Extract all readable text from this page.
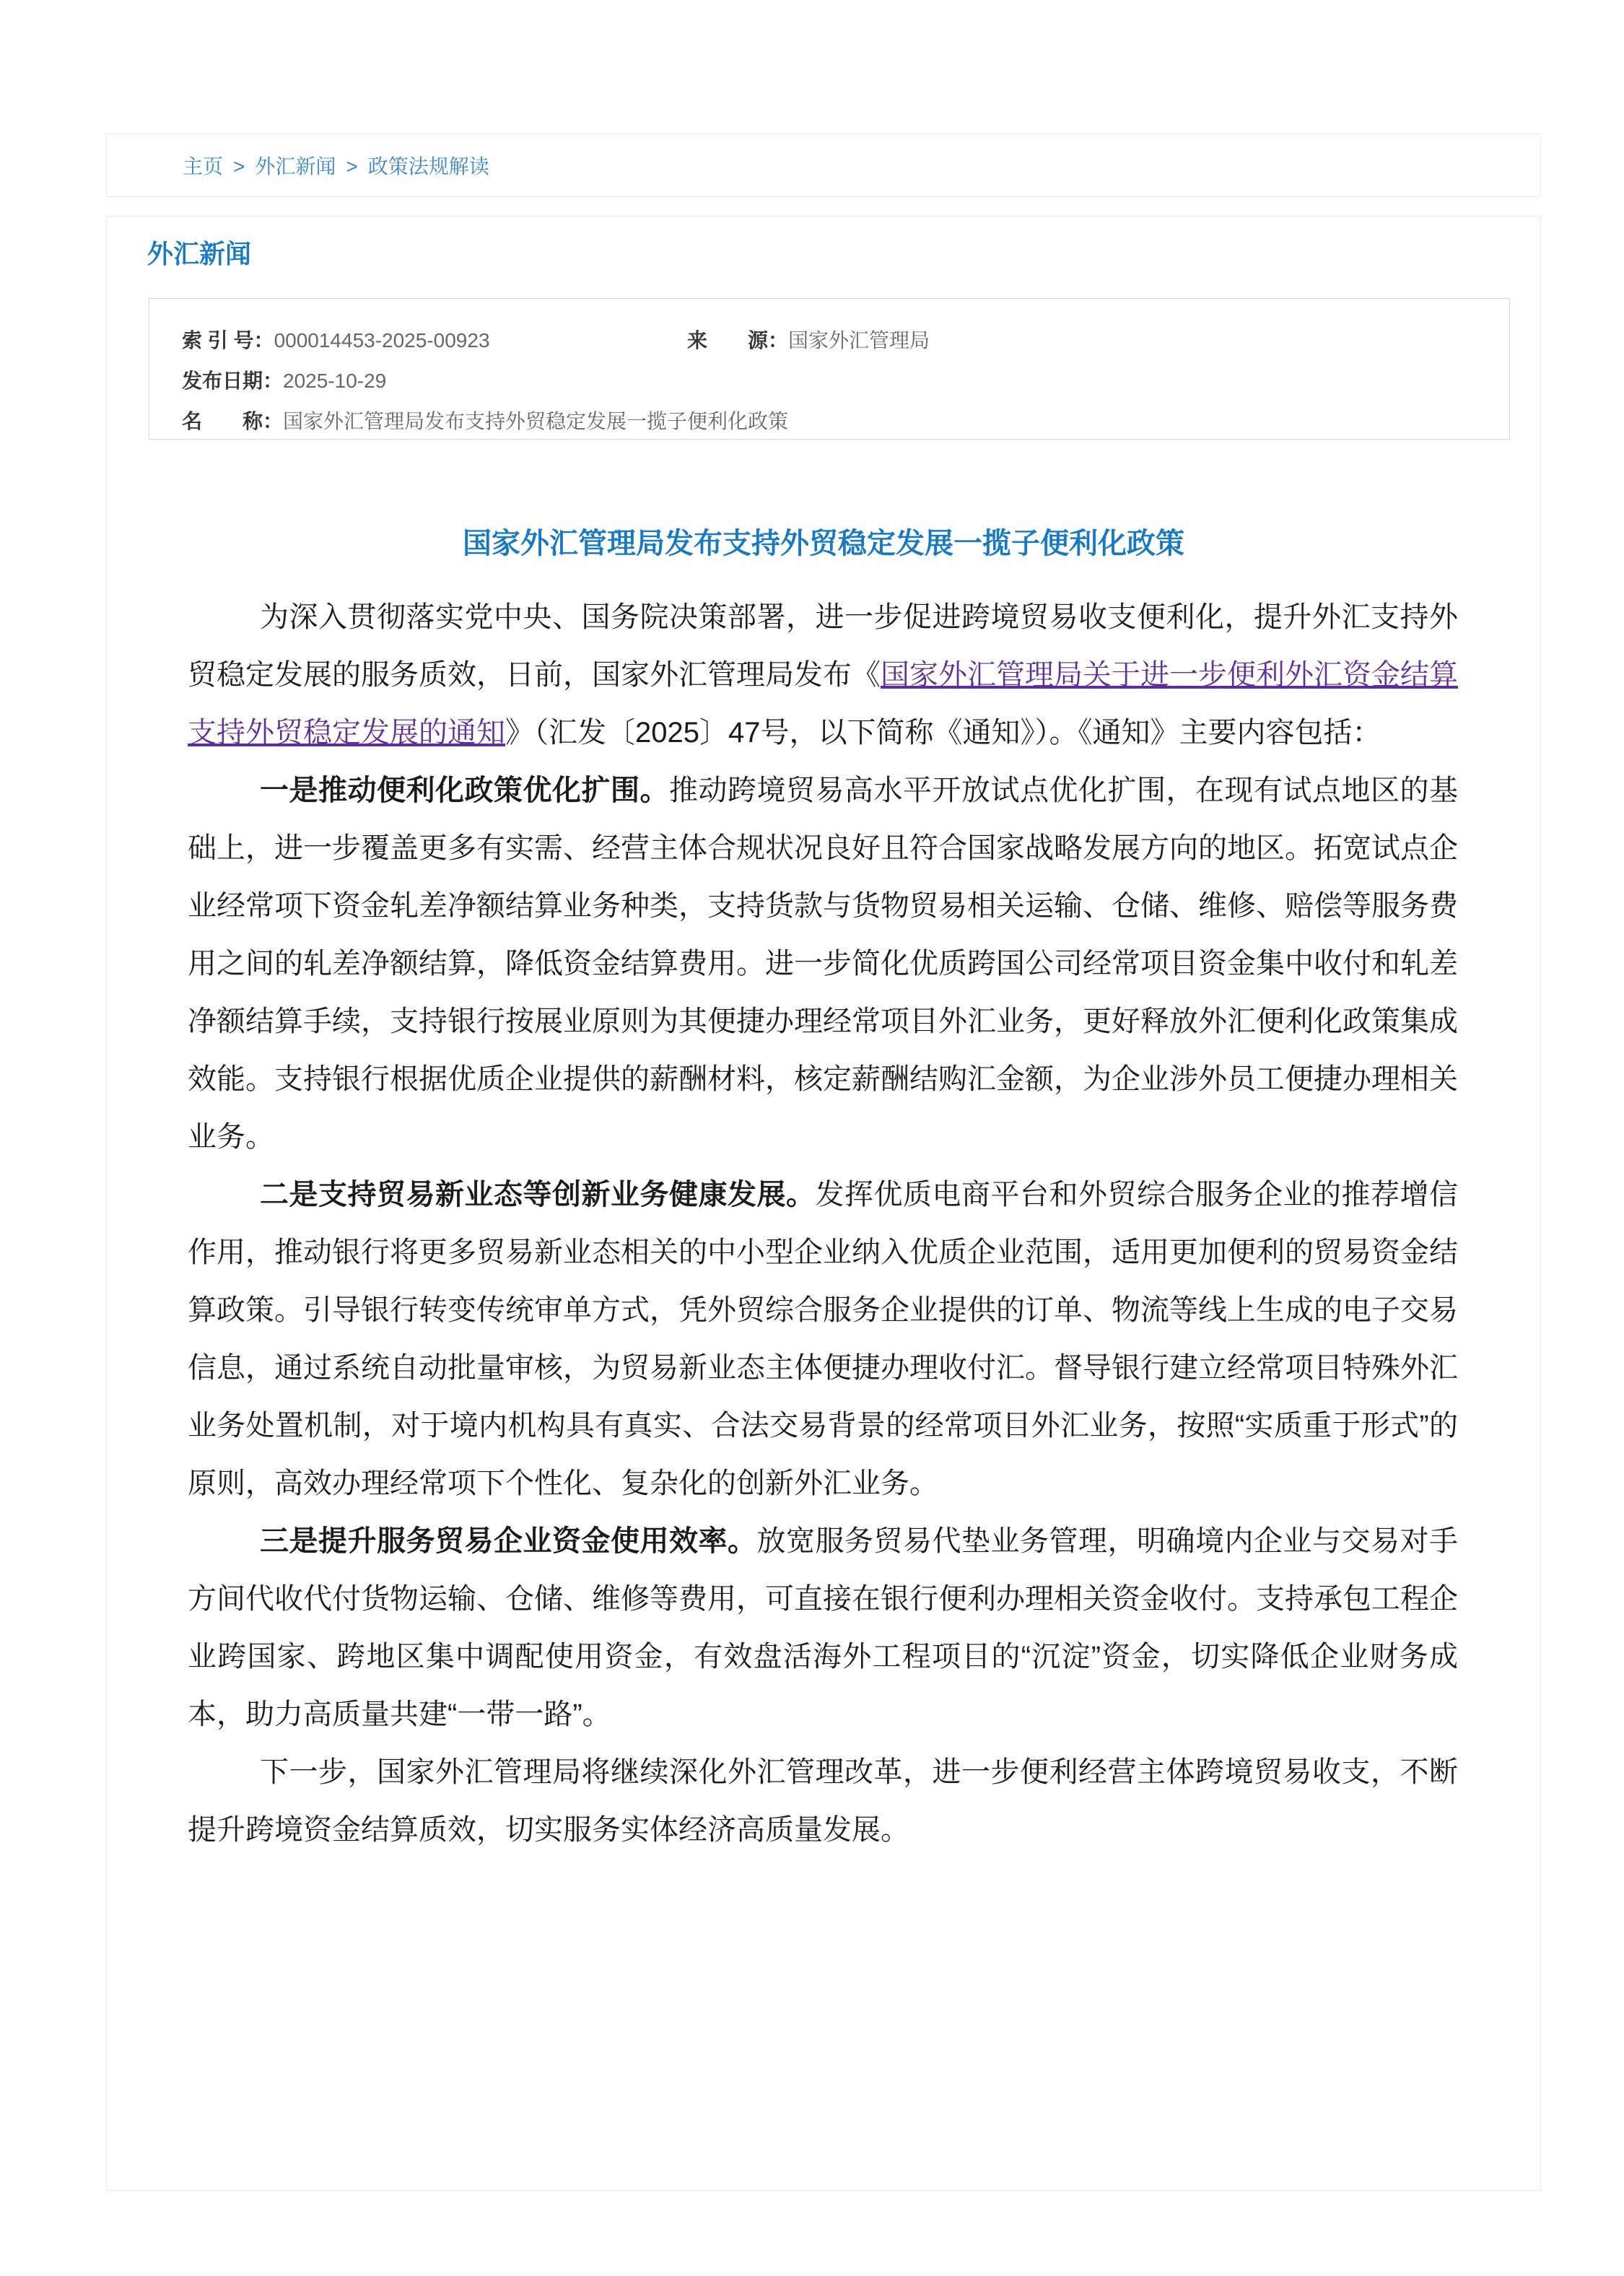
主页 > 外汇新闻 > 政策法规解读
外汇新闻
索 引 号：000014453-2025-00923	来　　源：国家外汇管理局
发布日期：2025-10-29
名　　称：国家外汇管理局发布支持外贸稳定发展一揽子便利化政策
国家外汇管理局发布支持外贸稳定发展一揽子便利化政策

为深入贯彻落实党中央、国务院决策部署，进一步促进跨境贸易收支便利化，提升外汇支持外贸稳定发展的服务质效，日前，国家外汇管理局发布《国家外汇管理局关于进一步便利外汇资金结算 支持外贸稳定发展的通知》（汇发〔2025〕47号，以下简称《通知》）。《通知》主要内容包括：

一是推动便利化政策优化扩围。推动跨境贸易高水平开放试点优化扩围，在现有试点地区的基础上，进一步覆盖更多有实需、经营主体合规状况良好且符合国家战略发展方向的地区。拓宽试点企业经常项下资金轧差净额结算业务种类，支持货款与货物贸易相关运输、仓储、维修、赔偿等服务费用之间的轧差净额结算，降低资金结算费用。进一步简化优质跨国公司经常项目资金集中收付和轧差净额结算手续，支持银行按展业原则为其便捷办理经常项目外汇业务，更好释放外汇便利化政策集成效能。支持银行根据优质企业提供的薪酬材料，核定薪酬结购汇金额，为企业涉外员工便捷办理相关业务。

二是支持贸易新业态等创新业务健康发展。发挥优质电商平台和外贸综合服务企业的推荐增信作用，推动银行将更多贸易新业态相关的中小型企业纳入优质企业范围，适用更加便利的贸易资金结算政策。引导银行转变传统审单方式，凭外贸综合服务企业提供的订单、物流等线上生成的电子交易信息，通过系统自动批量审核，为贸易新业态主体便捷办理收付汇。督导银行建立经常项目特殊外汇业务处置机制，对于境内机构具有真实、合法交易背景的经常项目外汇业务，按照“实质重于形式”的原则，高效办理经常项下个性化、复杂化的创新外汇业务。

三是提升服务贸易企业资金使用效率。放宽服务贸易代垫业务管理，明确境内企业与交易对手方间代收代付货物运输、仓储、维修等费用，可直接在银行便利办理相关资金收付。支持承包工程企业跨国家、跨地区集中调配使用资金，有效盘活海外工程项目的“沉淀”资金，切实降低企业财务成本，助力高质量共建“一带一路”。

下一步，国家外汇管理局将继续深化外汇管理改革，进一步便利经营主体跨境贸易收支，不断提升跨境资金结算质效，切实服务实体经济高质量发展。
